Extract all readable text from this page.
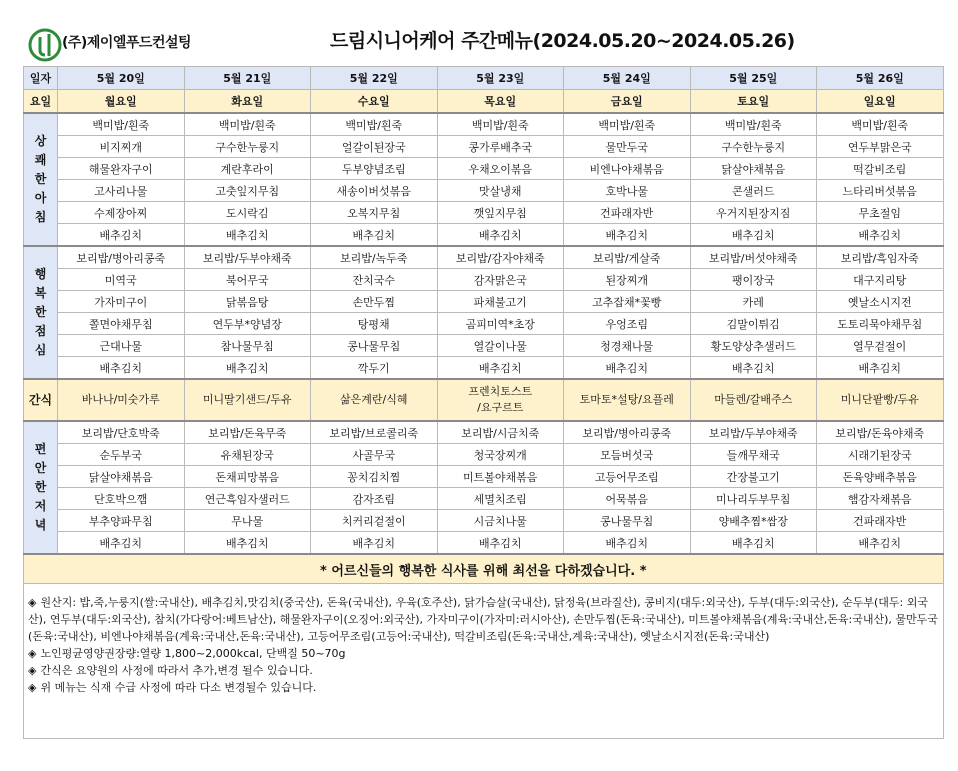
(주)제이엘푸드컨설팅	드림시니어케어 주간메뉴(2024.05.20~2024.05.26)
일자	5월 20일	5월 21일	5월 22일	5월 23일	5월 24일	5월 25일	5월 26일
요일	월요일	화요일	수요일	목요일	금요일	토요일	일요일
상
쾌
한
아
침	백미밥/흰죽	백미밥/흰죽	백미밥/흰죽	백미밥/흰죽	백미밥/흰죽	백미밥/흰죽	백미밥/흰죽
	비지찌개	구수한누룽지	얼갈이된장국	콩가루배추국	물만두국	구수한누룽지	연두부맑은국
	해물완자구이	계란후라이	두부양념조림	우채오이볶음	비엔나야채볶음	닭살야채볶음	떡갈비조림
	고사리나물	고춧잎지무침	새송이버섯볶음	맛살냉채	호박나물	콘샐러드	느타리버섯볶음
	수제장아찌	도시락김	오복지무침	깻잎지무침	건파래자반	우거지된장지짐	무초절임
	배추김치	배추김치	배추김치	배추김치	배추김치	배추김치	배추김치
행
복
한
점
심	보리밥/병아리콩죽	보리밥/두부야채죽	보리밥/녹두죽	보리밥/감자야채죽	보리밥/게살죽	보리밥/버섯야채죽	보리밥/흑임자죽
	미역국	북어무국	잔치국수	감자맑은국	된장찌개	팽이장국	대구지리탕
	가자미구이	닭볶음탕	손만두찜	파채불고기	고추잡채*꽃빵	카레	옛날소시지전
	쫄면야채무침	연두부*양념장	탕평채	곰피미역*초장	우엉조림	김말이튀김	도토리묵야채무침
	근대나물	참나물무침	콩나물무침	열갈이나물	청경채나물	황도양상추샐러드	열무겉절이
	배추김치	배추김치	깍두기	배추김치	배추김치	배추김치	배추김치
간식	바나나/미숫가루	미니딸기샌드/두유	삶은계란/식혜	프렌치토스트
/요구르트	토마토*설탕/요플레	마들렌/갈배주스	미니단팥빵/두유
편
안
한
저
녁	보리밥/단호박죽	보리밥/돈육무죽	보리밥/브로콜리죽	보리밥/시금치죽	보리밥/병아리콩죽	보리밥/두부야채죽	보리밥/돈육야채죽
	순두부국	유채된장국	사골무국	청국장찌개	모듬버섯국	들깨무채국	시래기된장국
	닭살야채볶음	돈채피망볶음	꽁치김치찜	미트볼야채볶음	고등어무조림	간장불고기	돈육양배추볶음
	단호박으깸	연근흑임자샐러드	감자조림	세멸치조림	어묵볶음	미나리두부무침	햄감자채볶음
	부추양파무침	무나물	치커리겉절이	시금치나물	콩나물무침	양배추찜*쌈장	건파래자반
	배추김치	배추김치	배추김치	배추김치	배추김치	배추김치	배추김치
* 어르신들의 행복한 식사를 위해 최선을 다하겠습니다. *							

◈ 원산지: 밥,죽,누룽지(쌀:국내산), 배추김치,맛김치(중국산), 돈육(국내산), 우육(호주산), 닭가슴살(국내산), 닭정육(브라질산), 콩비지(대두:외국산), 두부(대두:외국산), 순두부(대두: 외국산), 연두부(대두:외국산), 참치(가다랑어:베트남산), 해물완자구이(오징어:외국산), 가자미구이(가자미:러시아산), 손만두찜(돈육:국내산), 미트볼야채볶음(계육:국내산,돈육:국내산), 물만두국(돈육:국내산), 비엔나야채볶음(계육:국내산,돈육:국내산), 고등어무조림(고등어:국내산), 떡갈비조림(돈육:국내산,계육:국내산), 옛날소시지전(돈육:국내산)
◈ 노인평균영양권장량:열량 1,800~2,000kcal, 단백질 50~70g
◈ 간식은 요양원의 사정에 따라서 추가,변경 될수 있습니다.
◈ 위 메뉴는 식재 수급 사정에 따라 다소 변경될수 있습니다.							
